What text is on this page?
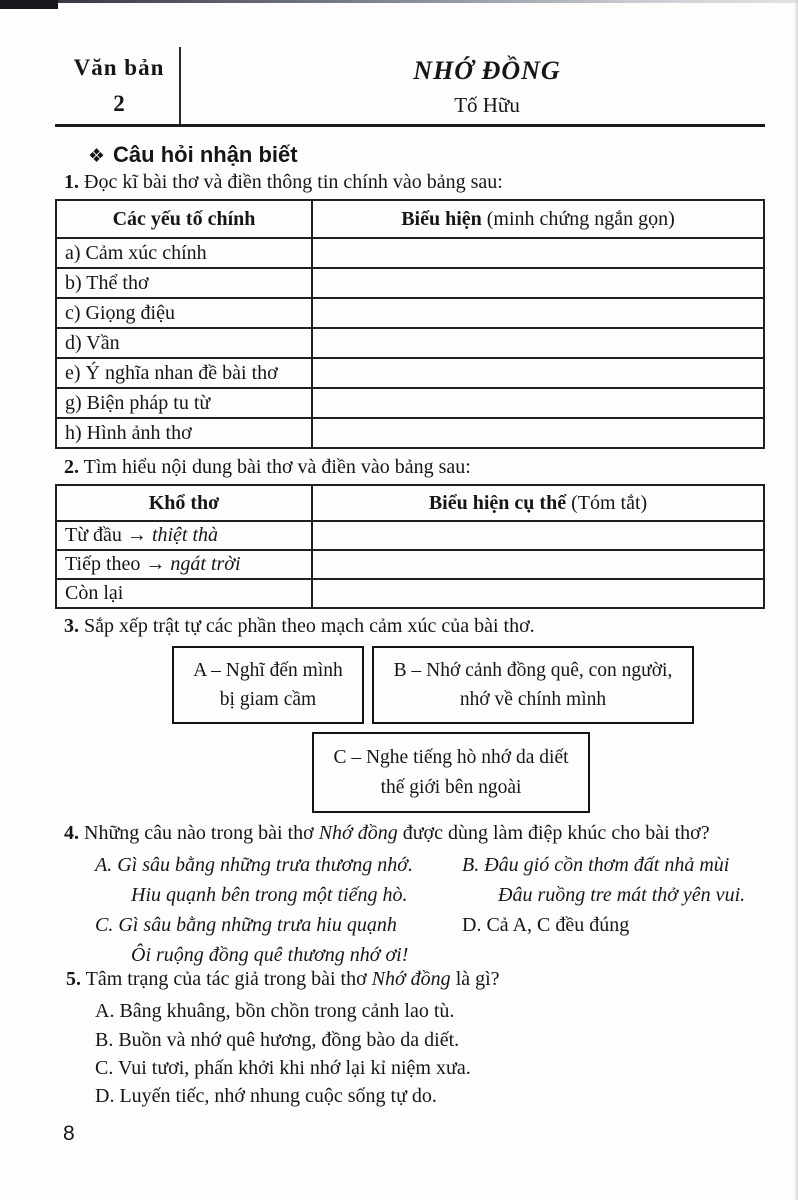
Văn bản
2
NHỚ ĐỒNG
Tố Hữu
❖ Câu hỏi nhận biết
1. Đọc kĩ bài thơ và điền thông tin chính vào bảng sau:
Các yếu tố chính	Biểu hiện (minh chứng ngắn gọn)
a) Cảm xúc chính	
b) Thể thơ	
c) Giọng điệu	
d) Vần	
e) Ý nghĩa nhan đề bài thơ	
g) Biện pháp tu từ	
h) Hình ảnh thơ	
2. Tìm hiểu nội dung bài thơ và điền vào bảng sau:
Khổ thơ	Biểu hiện cụ thể (Tóm tắt)
Từ đầu → thiệt thà	
Tiếp theo → ngát trời	
Còn lại	
3. Sắp xếp trật tự các phần theo mạch cảm xúc của bài thơ.
A – Nghĩ đến mình
bị giam cầm
B – Nhớ cảnh đồng quê, con người,
nhớ về chính mình
C – Nghe tiếng hò nhớ da diết
thế giới bên ngoài
4. Những câu nào trong bài thơ Nhớ đồng được dùng làm điệp khúc cho bài thơ?
A. Gì sâu bằng những trưa thương nhớ.
Hiu quạnh bên trong một tiếng hò.
B. Đâu gió cồn thơm đất nhả mùi
Đâu ruồng tre mát thở yên vui.
C. Gì sâu bằng những trưa hiu quạnh	D. Cả A, C đều đúng
Ôi ruộng đồng quê thương nhớ ơi!
5. Tâm trạng của tác giả trong bài thơ Nhớ đồng là gì?
A. Bâng khuâng, bồn chồn trong cảnh lao tù.
B. Buồn và nhớ quê hương, đồng bào da diết.
C. Vui tươi, phấn khởi khi nhớ lại kỉ niệm xưa.
D. Luyến tiếc, nhớ nhung cuộc sống tự do.
8
